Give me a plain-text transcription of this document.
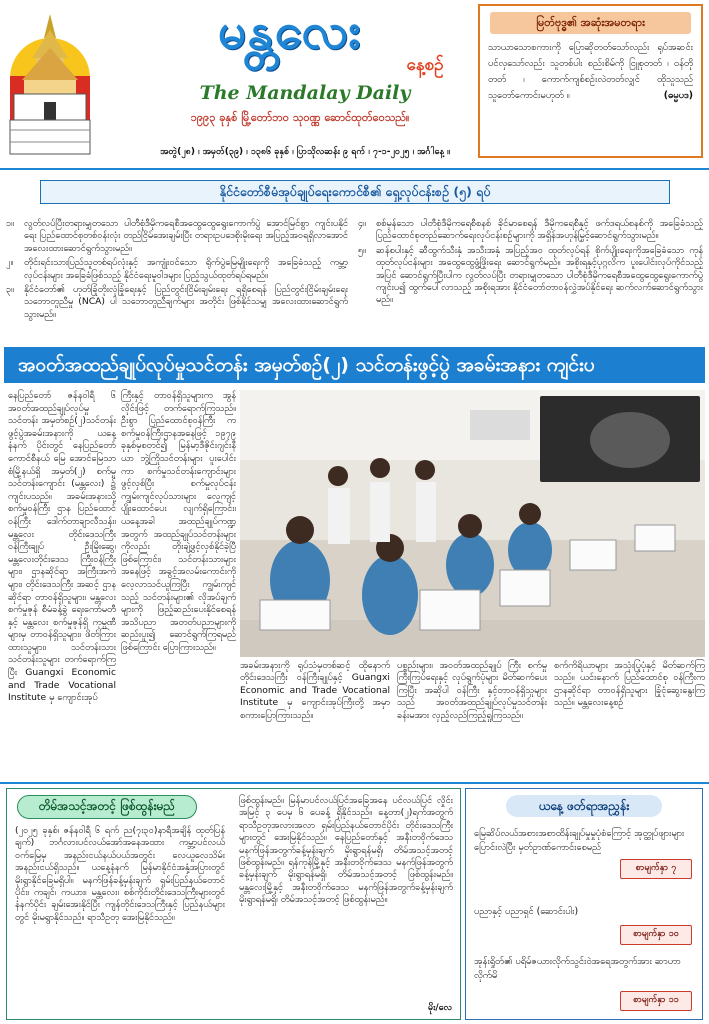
မန္တလေး
နေ့စဉ်
The Mandalay Daily
၁၉၉၃ ခုနှစ် မြို့တော်ဘဝ သုဝဏ္ဏ ဆောင်ထုတ်ဝေသည်။
အတွဲ(၂၈) ၊ အမှတ်(၃၉) ၊ ၁၃၈၆ ခုနှစ် ၊ ပြာသိုလဆန်း ၉ ရက် ၊ ၇-၁-၂၀၂၅ ၊ အင်္ဂါနေ့ ။
မြတ်ဗုဒ္ဓ၏ အဆုံးအမတရား
သာယာသောစကားကို ပြောဆိုတတ်သော်လည်း ရုပ်အဆင်းပင်လှသော်လည်း သူတစ်ပါး စည်းစိမ်ကို ငြူစုတတ် ၊ ဝန်တိုတတ် ၊ ကောက်ကျစ်စဉ်းလဲတတ်လျှင် ထိုသူသည် သူတော်ကောင်းမဟုတ် ။	(ဓမ္မပဒ)
နိုင်ငံတော်စီမံအုပ်ချုပ်ရေးကောင်စီ၏ ရှေ့လုပ်ငန်းစဉ် (၅) ရပ်
၁။	လွတ်လပ်ပြီးတရားမျှတသော ပါတီစုံဒီမိုကရေစီအထွေထွေရွေးကောက်ပွဲ အောင်မြင်စွာ ကျင်းပနိုင်ရေး ပြည်ထောင်စုတစ်ဝန်းလုံး တည်ငြိမ်အေးချမ်းပြီး တရားဥပဒေစိုးမိုးရေး အပြည့်အဝရရှိလာအောင် အလေးထားဆောင်ရွက်သွားမည်။
၂။	တိုင်းရင်းသားပြည်သူတစ်ရပ်လုံးနှင့် အကျုံးဝင်သော ရိုက်ပွဲမြေမျိုးရေးကို အခြေခံသည့် ကမ္ဘာ့လုပ်ငန်းများ အခြေခံဖြစ်သည့် နိုင်ငံရေးမူဝါဒများ ပြည့်သွယ်ထုတ်ရပ်ရမည်။
၃။	နိုင်ငံတော်၏ ဟုတ်ခြုံတိုးလုံခြုံရေးနှင့် ပြည်တွင်းငြိမ်းချမ်းရေး ရရှိစေရန် ပြည်တွင်းငြိမ်းချမ်းရေးသဘောတူညီမှု (NCA) ပါ သဘောတူညီချက်များ အတိုင်း ဖြစ်နိုင်သမျှ အလေးထားဆောင်ရွက်သွားမည်။
၄။	စစ်မှန်သော ပါတီစုံဒီမိုကရေစီစနစ် ခိုင်မာစေရန် ဒီမိုကရေစီနှင့် ဖက်ဒရယ်စနစ်ကို အခြေခံသည့် ပြည်ထောင်စုတည်ဆောက်ရေးလုပ်ငန်းစဉ်များကို အရှိန်အဟုန်မြှင့်ဆောင်ရွက်သွားမည်။
၅။	ဆန်စပါးနှင့် ဆီထွက်သီးနှံ အသီးအနှံ အပြည့်အဝ ထုတ်လုပ်ရန် စိုက်ပျိုးရေးကိုအခြေခံသော ကုန်ထုတ်လုပ်ငန်းများ အထွေထွေဖွံ့ဖြိုးရေး ဆောင်ရွက်မည်။ အစိုးရနှင့်ပုဂ္ဂလိက ပူးပေါင်းလုပ်ကိုင်သည့်အပြင် ဆောင်ရွက်ပြီးပါက လွတ်လပ်ပြီး တရားမျှတသော ပါတီစုံဒီမိုကရေစီအထွေထွေရွေးကောက်ပွဲ ကျင်းပ၍ ထွက်ပေါ်လာသည့် အစိုးရအား နိုင်ငံတော်တာဝန်လွှဲအပ်နိုင်ရေး ဆက်လက်ဆောင်ရွက်သွားမည်။
အဝတ်အထည်ချုပ်လုပ်မှုသင်တန်း အမှတ်စဉ်(၂) သင်တန်းဖွင့်ပွဲ အခမ်းအနား ကျင်းပ
နေပြည်တော် ဇန်နဝါရီ ၆ အဝတ်အထည်ချုပ်လုပ်မှု သင်တန်း အမှတ်စဉ်(၂)သင်တန်း ဖွင့်ပွဲအခမ်းအနားကို ယနေ့ နံနက် ပိုင်းတွင် နေပြည်တော်ကောင်စီနယ် မြေ အောင်မြေသာစံမြို့နယ်ရှိ အမှတ်(၂) စက်မှုသင်တန်းကျောင်း (မန္တလေး) ၌ ကျင်းပသည်။ အခမ်းအနားသို့ စက်မှုဝန်ကြီး ဌာန ပြည်ထောင်ဝန်ကြီး ဒေါက်တာချာလီသန်း၊ မန္တလေး တိုင်းဒေသကြီး ဝန်ကြီးချုပ် ဦးမြိုးဆွေ၊ မန္တလေးတိုင်းဒေသ ကြီးဝန်ကြီးများ၊ ဌာနဆိုင်ရာ အကြီးအကဲများ၊ တိုင်းဒေသကြီး အဆင့် ဌာနဆိုင်ရာ တာဝန်ရှိသူများ၊ မန္တလေးစက်မှုဇုန် စီမံခန့်ခွဲ ရေးကော်မတီနှင့် မန္တလေး စက်မှုဇုန်ရှိ ကုမ္ပဏီများမှ တာဝန်ရှိသူများ၊ ဖိတ်ကြားထားသူများ၊ သင်တန်းသား သင်တန်းသူများ တက်ရောက်ကြပြီး Guangxi Economic and Trade Vocational Institute မှ ကျောင်းအုပ်
ကြီးနှင့် တာဝန်ရှိသူများက အွန် လိုင်းဖြင့် တက်ရောက်ကြသည်။ ဦးစွာ ပြည်ထောင်စုဝန်ကြီး က စက်မှုဝန်ကြီးဌာနအနေဖြင့် ၁၉၇၉ ခုနှစ်မှစတင်၍ မြန်မာ့ဒီဇိုင်းဂျင်းနီယာ ဘွဲ့ကြိုသင်တန်းများ ပူးပေါင်းကာ စက်မှုသင်တန်းကျောင်းများ ဖွင့်လှစ်ပြီး စက်မှုလုပ်ငန်းကျွမ်းကျင်လုပ်သားများ လေ့ကျင့်ပျိုးထောင်ပေး လျက်ရှိကြောင်း၊ ယနေ့အခါ အထည်ချုပ်ကဏ္ဍအတွက် အထည်ချုပ်သင်တန်းများကိုလည်း တိုးချဲ့ဖွင့်လှစ်နိုင်ခဲ့ပြီ ဖြစ်ကြောင်း၊ သင်တန်းသားများအနေဖြင့် အခွင့်အလမ်းကောင်းကို လေ့လာသင်ယူကြပြီး ကျွမ်းကျင်သည့် သင်တန်းများ၏ လိုအပ်ချက်များကို ဖြည့်ဆည်းပေးနိုင်စေရန် အသိပညာ အတတ်ပညာများကို ဆည်းပူး၍ ဆောင်ရွက်ကြရမည် ဖြစ်ကြောင်း ပြောကြားသည်။
အခမ်းအနားကို ရုပ်သံမှတစ်ဆင့် ထိုနောက် တိုင်းဒေသကြီး ဝန်ကြီးချုပ်နှင့် Guangxi Economic and Trade Vocational Institute မှ ကျောင်းအုပ်ကြီးတို့ အမှာစကားပြောကြားသည်။
ပစ္စည်းများ၊ အဝတ်အထည်ချုပ် ကြီး စက်မှုကြီးကြပ်ရေးနှင့် လုပ်ရွက်ပုံများ မိတ်ဆက်ပေးကြပြီး အဆိုပါ ဝန်ကြီး နှင့်တာဝန်ရှိသူများသည် အဝတ်အထည်ချုပ်လုပ်မှုသင်တန်း ခန်းမအား လှည့်လည်ကြည့်ရှုကြသည်။
စက်ကိရိယာများ အသုံးပြုပုံနှင့် မိတ်ဆက်ကြသည်။ ယင်းနောက် ပြည်ထောင်စု ဝန်ကြီးက ဌာနဆိုင်ရာ တာဝန်ရှိသူများ ခြုံငုံဆွေးနွေးကြသည်။ မန္တလေးနေ့စဉ်
တိမ်အသင့်အတင့် ဖြစ်ထွန်းမည်
(၂၀၂၅ ခုနှစ်၊ ဇန်နဝါရီ ၆ ရက် ည(၇း၃၀)နာရီအချိန် ထုတ်ပြန်ချက်) ဘင်္ဂလားပင်လယ်အော်အနေအထား ကမ္ဘာ့ပင်လယ်ဝက်မြေမှ အနည်းငယ်နယ်ပယ်အတွင်း လေယူလေသိမ်းအနည်းငယ်ရှိသည်။ ယနေ့နံနက် မြန်မာနိုင်ငံအနှံ့အပြားတွင် မိုးရွာနိုင်ခြေမရှိပါ။ မနက်ဖြန်ခန့်မှန်းချက် ရှမ်းပြည်နယ်တောင်ပိုင်း၊ ကချင်၊ ကယား၊ မန္တလေး၊ စစ်ကိုင်းတိုင်းဒေသကြီးများတွင် နံနက်ပိုင်း ချမ်းအေးနိုင်ပြီး ကျန်တိုင်းဒေသကြီးနှင့် ပြည်နယ်များတွင် မိုးမရွာနိုင်သည်။ ရာသီဥတု အေးမြနိုင်သည်။
ဖြစ်ထွန်းမည်။ မြန်မာပင်လယ်ပြင်အခြေအနေ ပင်လယ်ပြင် လှိုင်းအမြင့် ၃ ပေမှ ၆ ပေခန့် ရှိနိုင်သည်။ နေ့တာ(၂)ရက်အတွက် ရာသီဥတုအလားအလာ ရှမ်းပြည်နယ်တောင်ပိုင်း တိုင်းဒေသကြီးများတွင် အေးမြနိုင်သည်။ နေပြည်တော်နှင့် အနီးတဝိုက်ဒေသ မနက်ဖြန်အတွက်ခန့်မှန်းချက် မိုးရွာရန်မရှိ၊ တိမ်အသင့်အတင့်ဖြစ်ထွန်းမည်။ ရန်ကုန်မြို့နှင့် အနီးတဝိုက်ဒေသ မနက်ဖြန်အတွက်ခန့်မှန်းချက် မိုးရွာရန်မရှိ၊ တိမ်အသင့်အတင့် ဖြစ်ထွန်းမည်။ မန္တလေးမြို့နှင့် အနီးတဝိုက်ဒေသ မနက်ဖြန်အတွက်ခန့်မှန်းချက် မိုးရွာရန်မရှိ၊ တိမ်အသင့်အတင့် ဖြစ်ထွန်းမည်။
မိုး/လေ
ယနေ့ ဖတ်ရာအညွှန်း
မြေဆိပ်လယ်အစားအစာထိန်းချုပ်မှုမှုပုံစံကြောင့် အုတ္ထုပ်ဖျားများ ပြောင်းလဲပြီး မှတ်ဥာဏ်ကောင်းစေမည်
စာမျက်နှာ ၇
ပညာနှင့် ပညာရှင် (ဆောင်းပါး)
စာမျက်နှာ ၁၀
အုန်းရှိုတ်၏ ပရိမ်ဇယားလိုက်သွင်းဝဲအရေအတွက်အား ဆာဟာ လိုက်မိ
စာမျက်နှာ ၁၁
